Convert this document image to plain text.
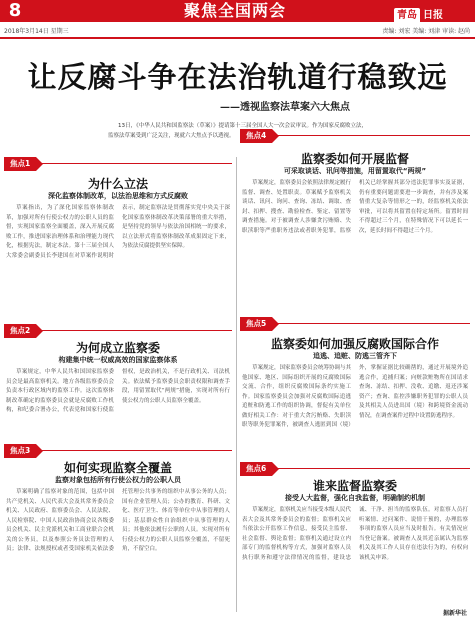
8	聚焦全国两会	青岛 日报
2018年3月14日 星期三	责编: 刘宏 美编: 刘津 审读: 赵尚
让反腐斗争在法治轨道行稳致远
——透视监察法草案六大焦点
13日，《中华人民共和国监察法（草案）》提请第十三届全国人大一次会议审议。作为国家反腐败立法，监察法草案受到广泛关注，现就六大焦点予以透视。
焦点1
为什么立法
深化监察体制改革，以法治思维和方式反腐败
草案指出，为了深化国家监察体制改革，加强对所有行使公权力的公职人员的监督，实现国家监察全面覆盖，深入开展反腐败工作，推进国家治理体系和治理能力现代化，根据宪法，制定本法。第十三届全国人大常委会副委员长李建国在对草案作说明时表示，制定监察法是贯彻落实党中央关于深化国家监察体制改革决策部署的重大举措，是坚持党的领导与依法治国相统一的要求，以立法形式将监察体制改革成果固定下来，为依法反腐提供坚实保障。
焦点2
为何成立监察委
构建集中统一权威高效的国家监察体系
草案规定，中华人民共和国国家监察委员会是最高监察机关。地方各级监察委员会负责本行政区域内的监察工作。这次监察体制改革确定的监察委员会就是反腐败工作机构，和纪委合署办公，代表党和国家行使监督权，是政治机关，不是行政机关、司法机关。依法赋予监察委员会职责权限和调查手段，用留置取代“两规”措施，实现对所有行使公权力的公职人员监察全覆盖。
焦点3
如何实现监察全覆盖
监察对象包括所有行使公权力的公职人员
草案明确了监察对象的范围，包括中国共产党机关、人民代表大会及其常务委员会机关、人民政府、监察委员会、人民法院、人民检察院、中国人民政治协商会议各级委员会机关、民主党派机关和工商业联合会机关的公务员，以及参照公务员法管理的人员；法律、法规授权或者受国家机关依法委托管理公共事务的组织中从事公务的人员；国有企业管理人员；公办的教育、科研、文化、医疗卫生、体育等单位中从事管理的人员；基层群众性自治组织中从事管理的人员；其他依法履行公职的人员。实现对所有行使公权力的公职人员监察全覆盖，不留死角，不留空白。
焦点4
监察委如何开展监督
可采取谈话、讯问等措施，用留置取代“两规”
草案规定，监察委员会依照法律规定履行监督、调查、处置职责。草案赋予监察机关谈话、讯问、询问、查询、冻结、调取、查封、扣押、搜查、勘验检查、鉴定、留置等调查措施。对于被调查人涉嫌贪污贿赂、失职渎职等严重职务违法或者职务犯罪，监察机关已经掌握其部分违法犯罪事实及证据，仍有重要问题需要进一步调查，并有涉及案情重大复杂等情形之一的，经监察机关依法审批，可以将其留置在特定场所。留置时间不得超过三个月，在特殊情况下可以延长一次，延长时间不得超过三个月。
焦点5
监察委如何加强反腐败国际合作
追逃、追赃、防逃三管齐下
草案规定，国家监察委员会统筹协调与其他国家、地区、国际组织开展的反腐败国际交流、合作，组织反腐败国际条约实施工作。国家监察委员会加强对反腐败国际追逃追赃和防逃工作的组织协调，督促有关单位做好相关工作：对于重大贪污贿赂、失职渎职等职务犯罪案件，被调查人逃匿到国（境）外，掌握证据比较确凿的，通过开展境外追逃合作，追捕归案；向赃款赃物所在国请求查询、冻结、扣押、没收、追缴、返还涉案资产；查询、监控涉嫌职务犯罪的公职人员及其相关人员进出国（境）和跨境资金流动情况，在调查案件过程中设置防逃程序。
焦点6
谁来监督监察委
接受人大监督，强化自我监督，明确制约机制
草案规定，监察机关应当接受本级人民代表大会及其常务委员会的监督；监察机关应当依法公开监察工作信息，接受民主监督、社会监督、舆论监督；监察机关通过设立内部专门的监督机构等方式，加强对监察人员执行职务和遵守法律情况的监督，建设忠诚、干净、担当的监察队伍。对监察人员打听案情、过问案件、说情干预的，办理监察事项的监察人员应当及时报告。有关情况应当登记备案。被调查人及其近亲属认为监察机关及其工作人员存在违法行为的，有权向该机关申诉。
据新华社
